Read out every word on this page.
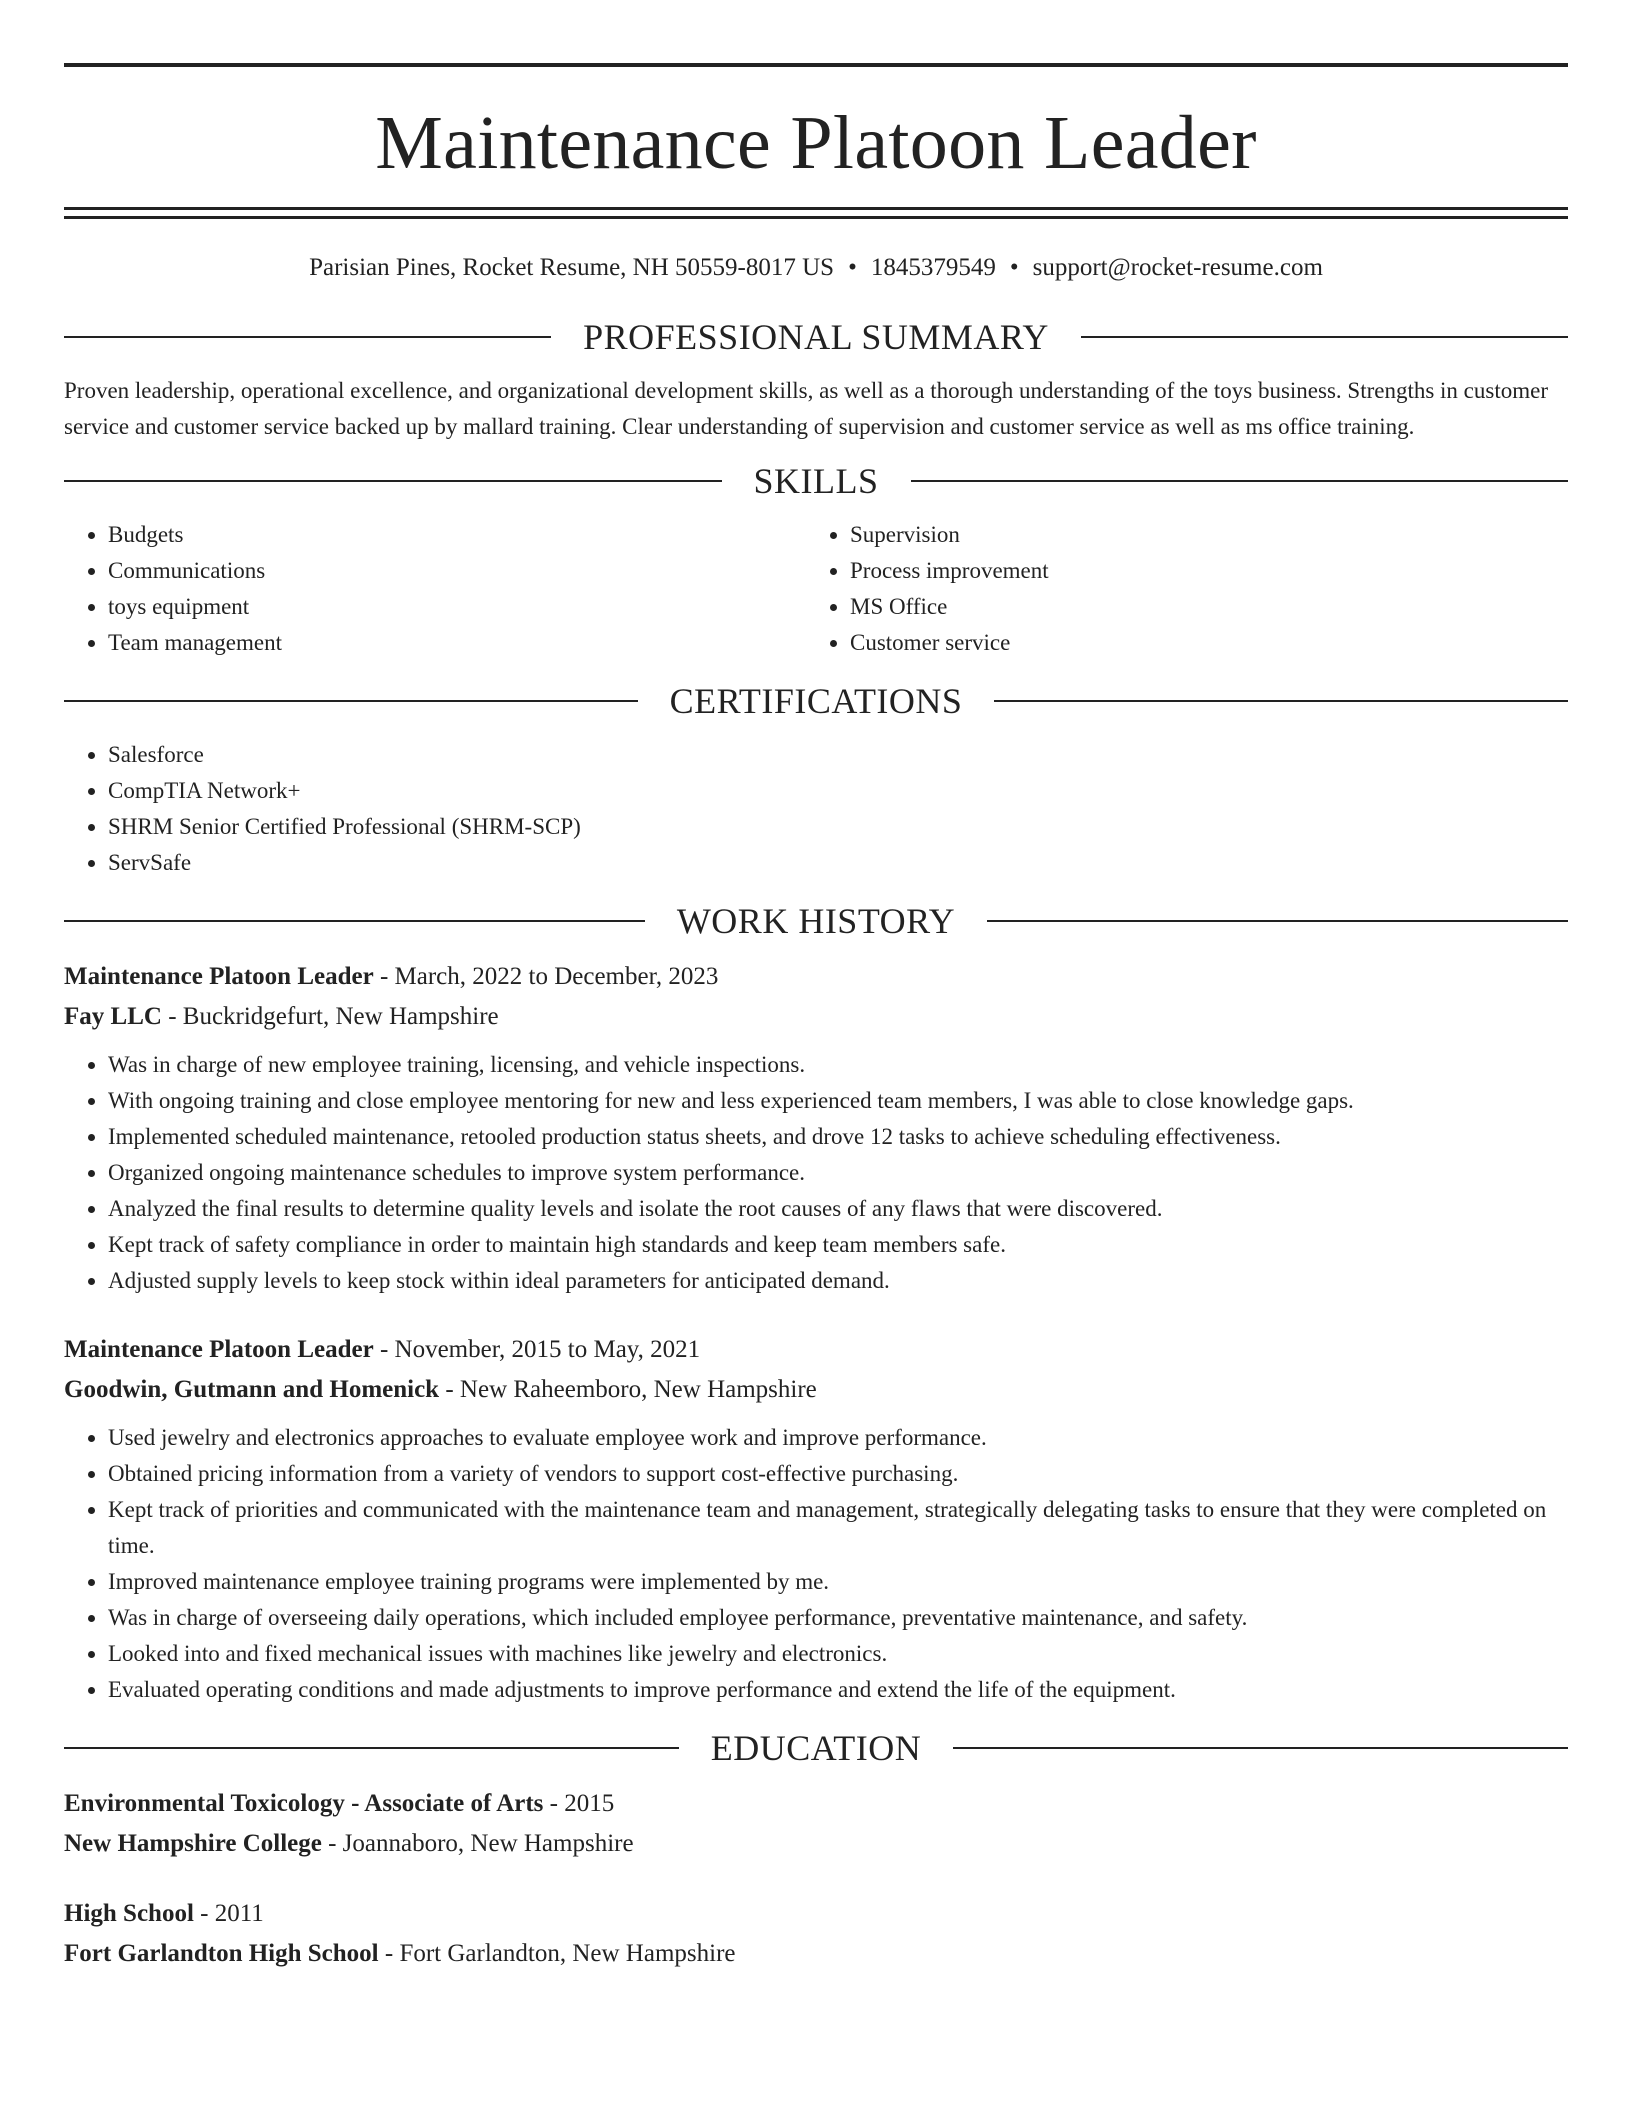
Maintenance Platoon Leader
Parisian Pines, Rocket Resume, NH 50559-8017 US • 1845379549 • support@rocket-resume.com
PROFESSIONAL SUMMARY

Proven leadership, operational excellence, and organizational development skills, as well as a thorough understanding of the toys business. Strengths in customer service and customer service backed up by mallard training. Clear understanding of supervision and customer service as well as ms office training.

SKILLS
• Budgets
• Communications
• toys equipment
• Team management
• Supervision
• Process improvement
• MS Office
• Customer service
CERTIFICATIONS
• Salesforce
• CompTIA Network+
• SHRM Senior Certified Professional (SHRM-SCP)
• ServSafe
WORK HISTORY

Maintenance Platoon Leader - March, 2022 to December, 2023

Fay LLC - Buckridgefurt, New Hampshire

• Was in charge of new employee training, licensing, and vehicle inspections.
• With ongoing training and close employee mentoring for new and less experienced team members, I was able to close knowledge gaps.
• Implemented scheduled maintenance, retooled production status sheets, and drove 12 tasks to achieve scheduling effectiveness.
• Organized ongoing maintenance schedules to improve system performance.
• Analyzed the final results to determine quality levels and isolate the root causes of any flaws that were discovered.
• Kept track of safety compliance in order to maintain high standards and keep team members safe.
• Adjusted supply levels to keep stock within ideal parameters for anticipated demand.

Maintenance Platoon Leader - November, 2015 to May, 2021

Goodwin, Gutmann and Homenick - New Raheemboro, New Hampshire

• Used jewelry and electronics approaches to evaluate employee work and improve performance.
• Obtained pricing information from a variety of vendors to support cost-effective purchasing.
• Kept track of priorities and communicated with the maintenance team and management, strategically delegating tasks to ensure that they were completed on time.
• Improved maintenance employee training programs were implemented by me.
• Was in charge of overseeing daily operations, which included employee performance, preventative maintenance, and safety.
• Looked into and fixed mechanical issues with machines like jewelry and electronics.
• Evaluated operating conditions and made adjustments to improve performance and extend the life of the equipment.
EDUCATION

Environmental Toxicology - Associate of Arts - 2015

New Hampshire College - Joannaboro, New Hampshire

High School - 2011

Fort Garlandton High School - Fort Garlandton, New Hampshire
